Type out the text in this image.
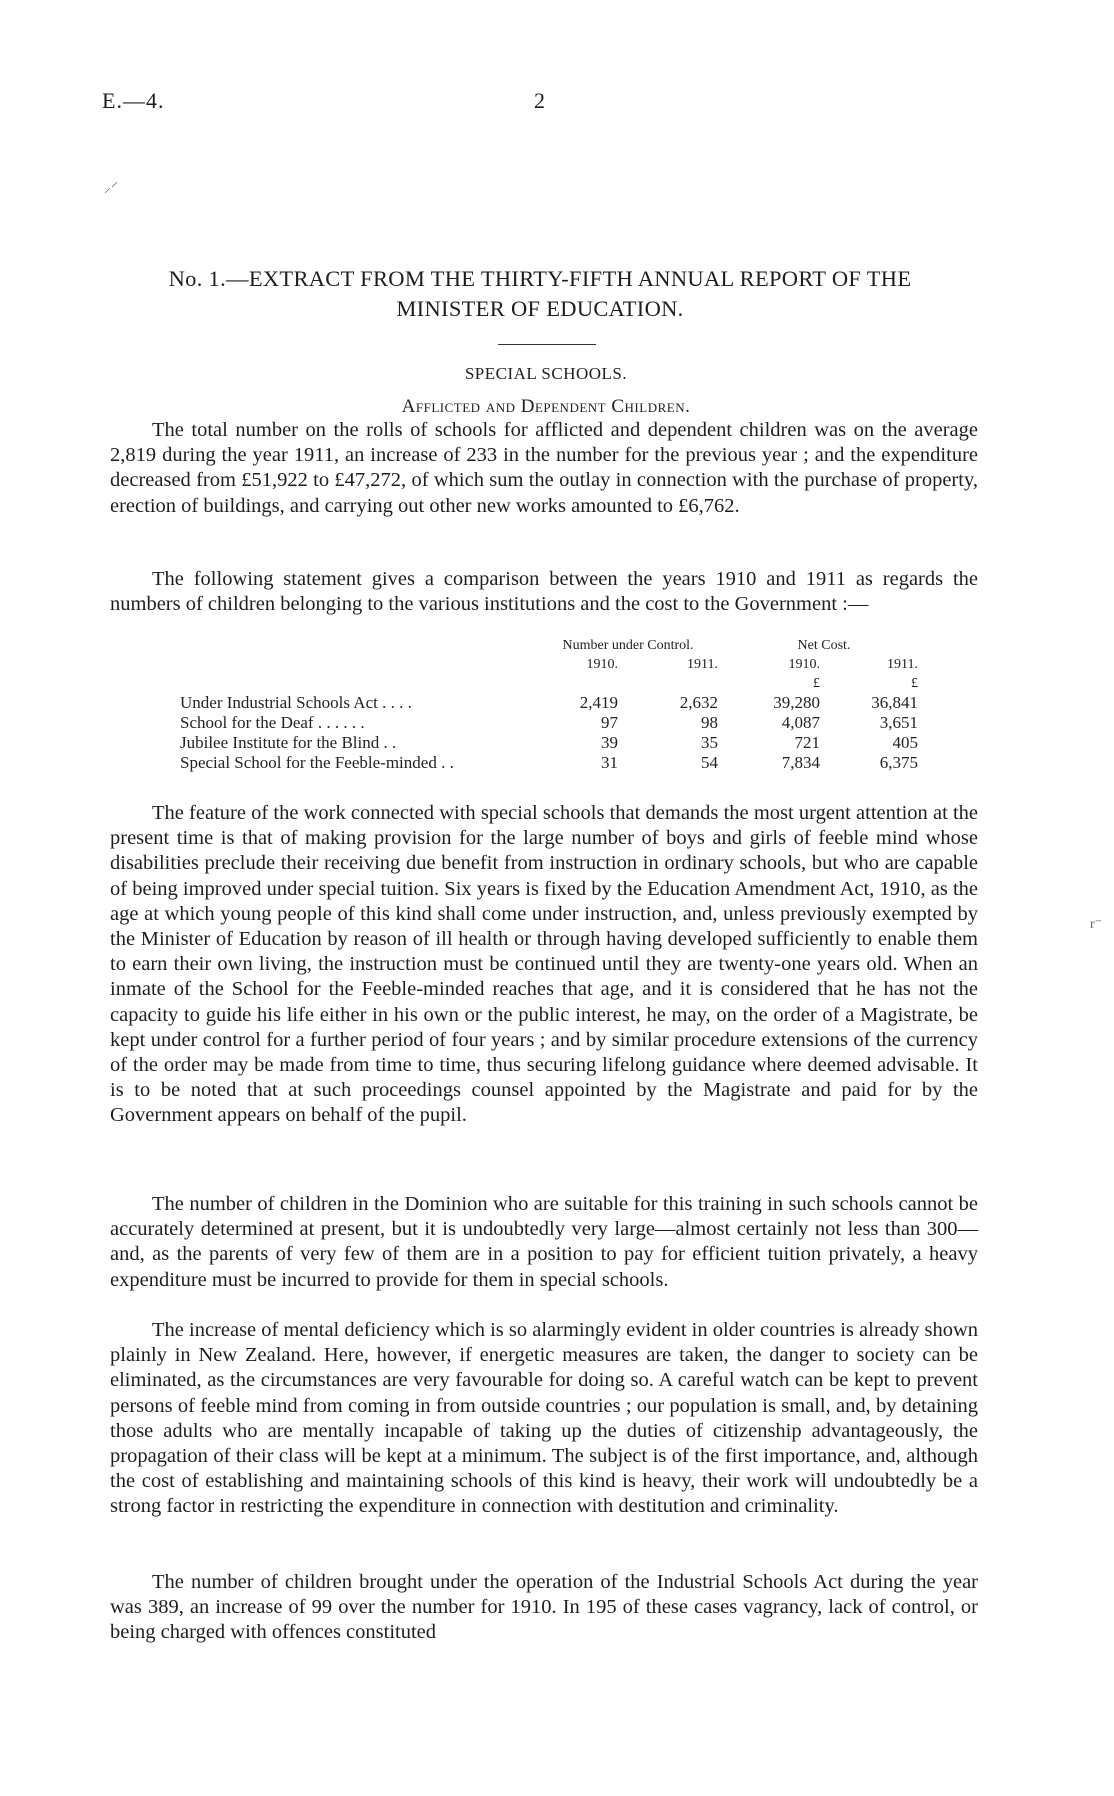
E.—4.	2
No. 1.—EXTRACT FROM THE THIRTY-FIFTH ANNUAL REPORT OF THE
MINISTER OF EDUCATION.
SPECIAL SCHOOLS.
Afflicted and Dependent Children.
The total number on the rolls of schools for afflicted and dependent children was on the average 2,819 during the year 1911, an increase of 233 in the number for the previous year ; and the expenditure decreased from £51,922 to £47,272, of which sum the outlay in connection with the purchase of property, erection of buildings, and carrying out other new works amounted to £6,762.
The following statement gives a comparison between the years 1910 and 1911 as regards the numbers of children belonging to the various institutions and the cost to the Government :—
	Number under Control.		Net Cost.	
	1910.	1911.	1910.	1911.
			£	£
Under Industrial Schools Act . . . .	2,419	2,632	39,280	36,841
School for the Deaf . . . . . .	97	98	4,087	3,651
Jubilee Institute for the Blind . .	39	35	721	405
Special School for the Feeble-minded . .	31	54	7,834	6,375
The feature of the work connected with special schools that demands the most urgent attention at the present time is that of making provision for the large number of boys and girls of feeble mind whose disabilities preclude their receiving due benefit from instruction in ordinary schools, but who are capable of being improved under special tuition. Six years is fixed by the Education Amendment Act, 1910, as the age at which young people of this kind shall come under instruction, and, unless previously exempted by the Minister of Education by reason of ill health or through having developed sufficiently to enable them to earn their own living, the instruction must be continued until they are twenty-one years old. When an inmate of the School for the Feeble-minded reaches that age, and it is considered that he has not the capacity to guide his life either in his own or the public interest, he may, on the order of a Magistrate, be kept under control for a further period of four years ; and by similar procedure extensions of the currency of the order may be made from time to time, thus securing lifelong guidance where deemed advisable. It is to be noted that at such proceedings counsel appointed by the Magistrate and paid for by the Government appears on behalf of the pupil.
The number of children in the Dominion who are suitable for this training in such schools cannot be accurately determined at present, but it is undoubtedly very large—almost certainly not less than 300—and, as the parents of very few of them are in a position to pay for efficient tuition privately, a heavy expenditure must be incurred to provide for them in special schools.
The increase of mental deficiency which is so alarmingly evident in older countries is already shown plainly in New Zealand. Here, however, if energetic measures are taken, the danger to society can be eliminated, as the circumstances are very favourable for doing so. A careful watch can be kept to prevent persons of feeble mind from coming in from outside countries ; our population is small, and, by detaining those adults who are mentally incapable of taking up the duties of citizenship advantageously, the propagation of their class will be kept at a minimum. The subject is of the first importance, and, although the cost of establishing and maintaining schools of this kind is heavy, their work will undoubtedly be a strong factor in restricting the expenditure in connection with destitution and criminality.
The number of children brought under the operation of the Industrial Schools Act during the year was 389, an increase of 99 over the number for 1910. In 195 of these cases vagrancy, lack of control, or being charged with offences constituted
⸝⸍
r⁻
